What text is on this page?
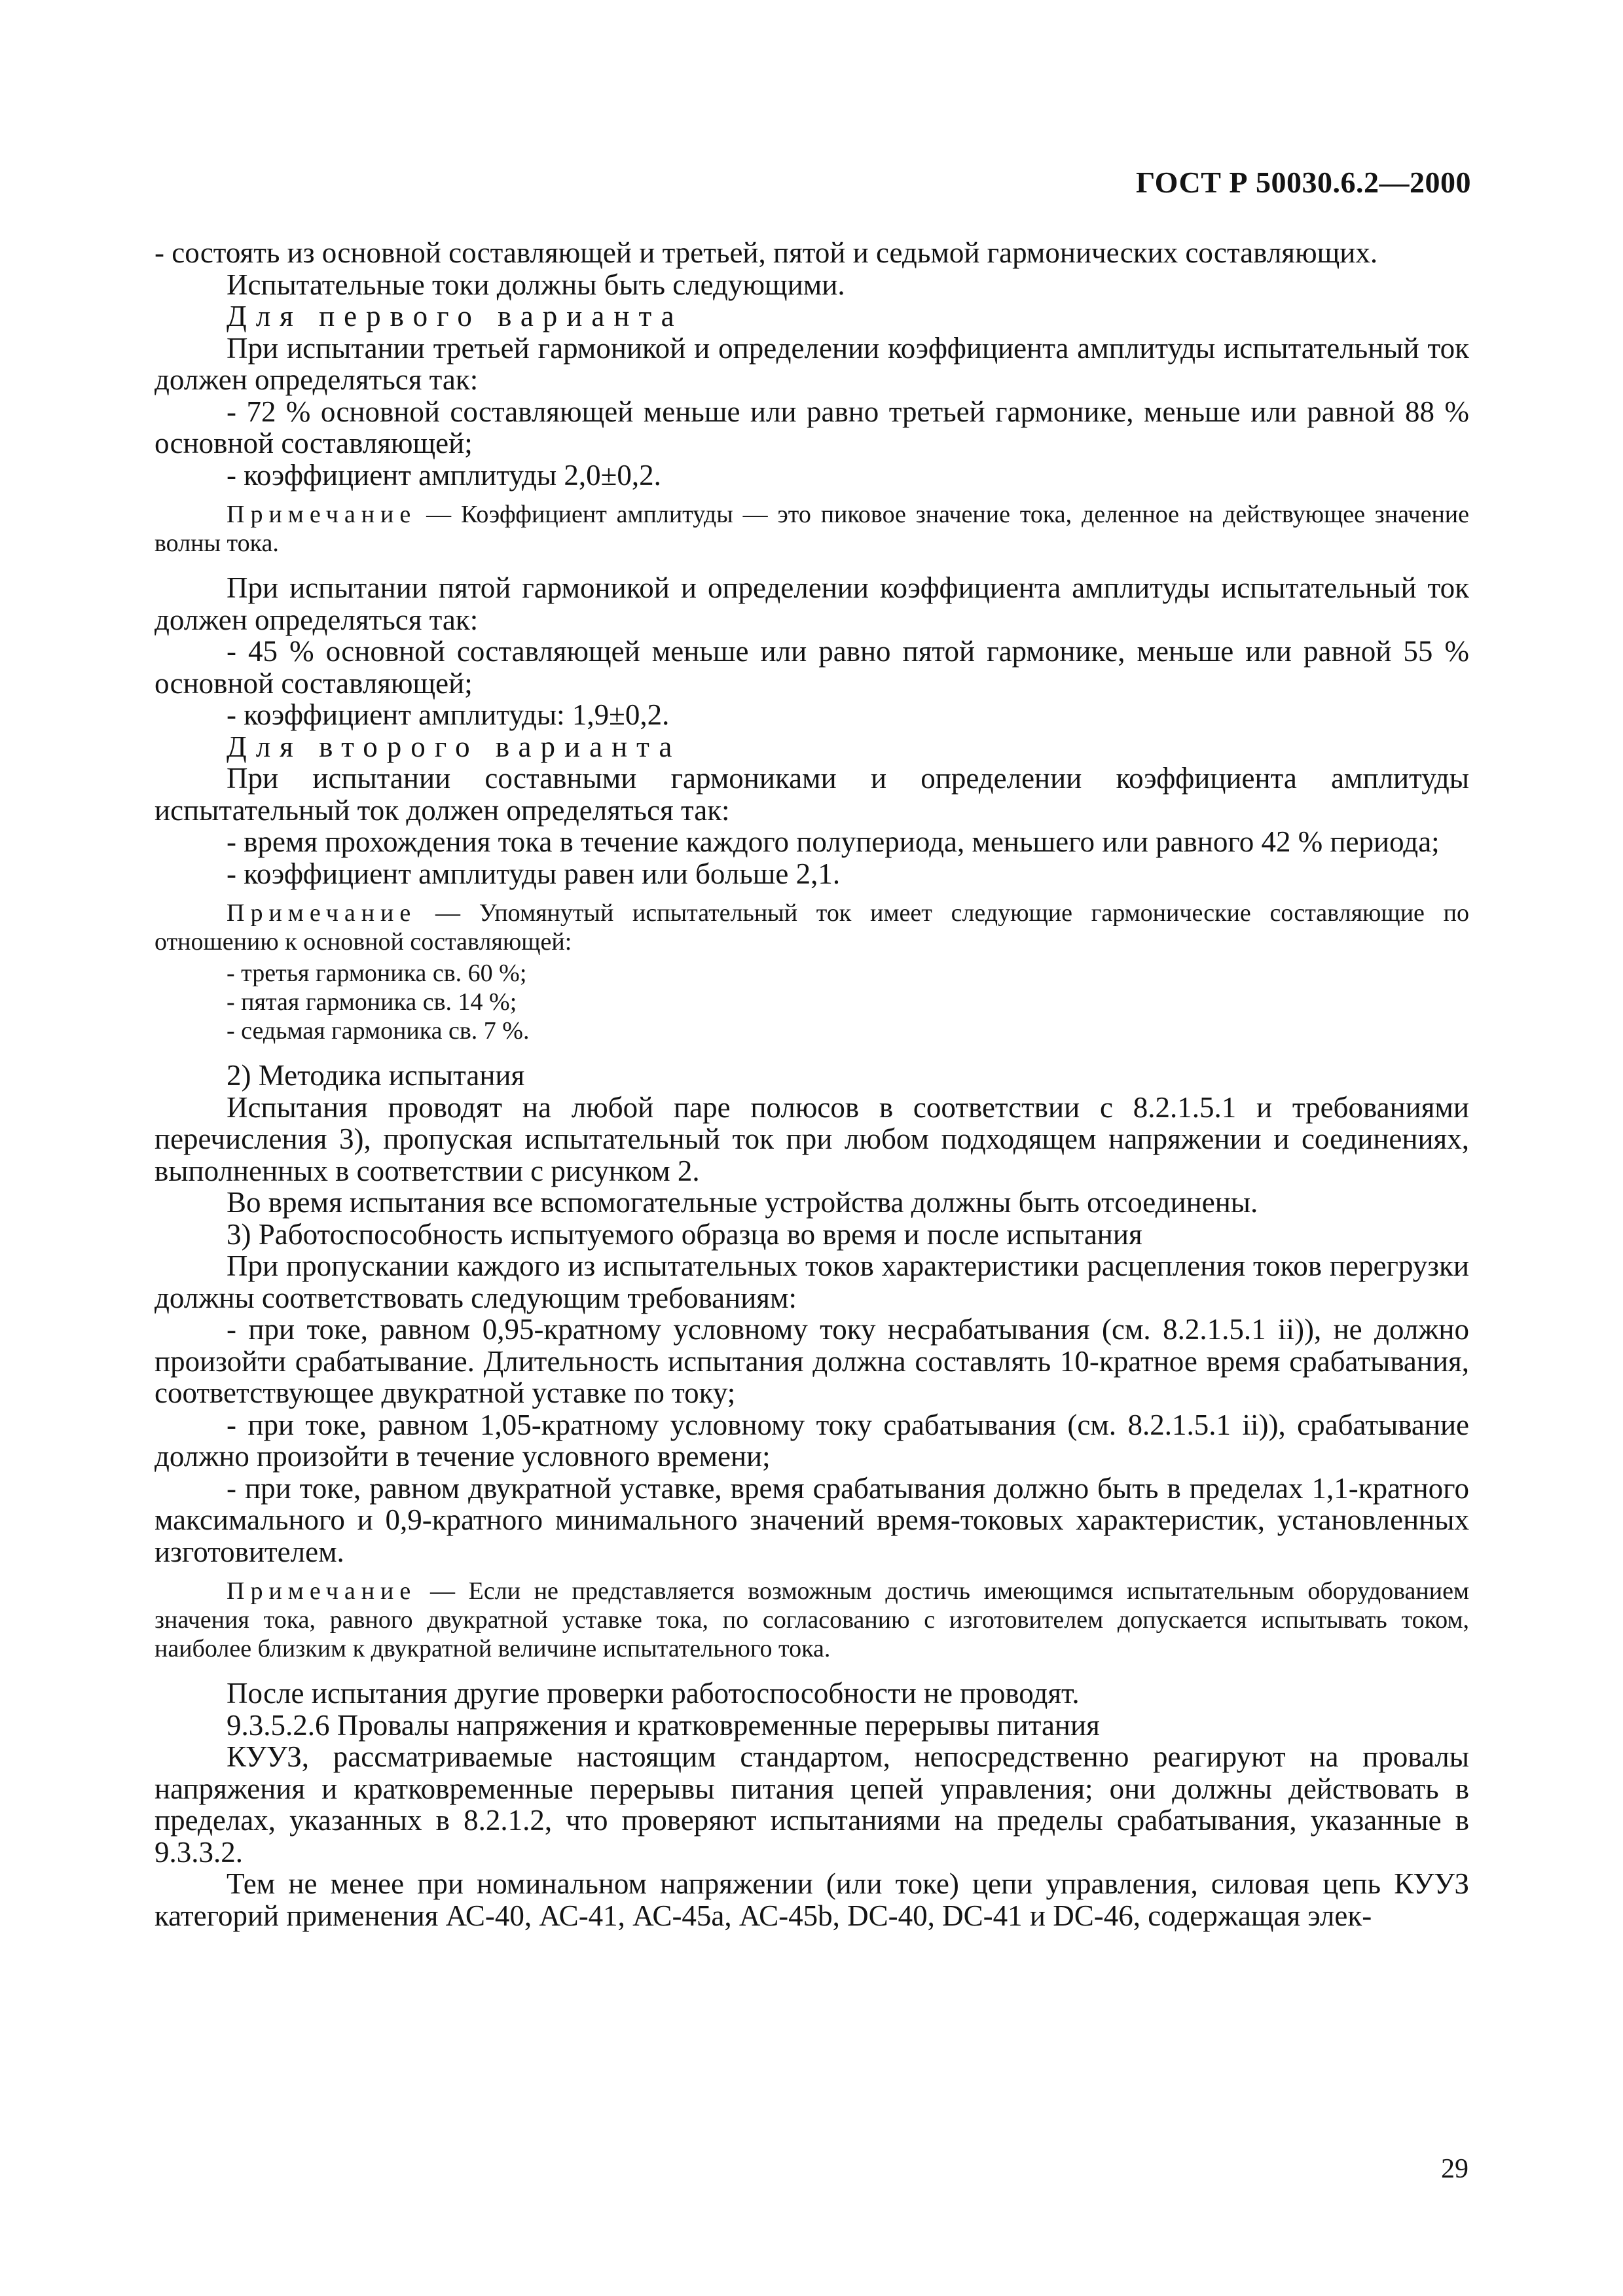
ГОСТ Р 50030.6.2—2000

- состоять из основной составляющей и третьей, пятой и седьмой гармонических составляющих.

Испытательные токи должны быть следующими.

Для первого варианта

При испытании третьей гармоникой и определении коэффициента амплитуды испытательный ток должен определяться так:

- 72 % основной составляющей меньше или равно третьей гармонике, меньше или равной 88 % основной составляющей;

- коэффициент амплитуды 2,0±0,2.

Примечание — Коэффициент амплитуды — это пиковое значение тока, деленное на действующее значение волны тока.

При испытании пятой гармоникой и определении коэффициента амплитуды испытательный ток должен определяться так:

- 45 % основной составляющей меньше или равно пятой гармонике, меньше или равной 55 % основной составляющей;

- коэффициент амплитуды: 1,9±0,2.

Для второго варианта

При испытании составными гармониками и определении коэффициента амплитуды испытательный ток должен определяться так:

- время прохождения тока в течение каждого полупериода, меньшего или равного 42 % периода;

- коэффициент амплитуды равен или больше 2,1.

Примечание — Упомянутый испытательный ток имеет следующие гармонические составляющие по отношению к основной составляющей:

- третья гармоника св. 60 %;

- пятая гармоника св. 14 %;

- седьмая гармоника св. 7 %.

2) Методика испытания

Испытания проводят на любой паре полюсов в соответствии с 8.2.1.5.1 и требованиями перечисления 3), пропуская испытательный ток при любом подходящем напряжении и соединениях, выполненных в соответствии с рисунком 2.

Во время испытания все вспомогательные устройства должны быть отсоединены.

3) Работоспособность испытуемого образца во время и после испытания

При пропускании каждого из испытательных токов характеристики расцепления токов перегрузки должны соответствовать следующим требованиям:

- при токе, равном 0,95-кратному условному току несрабатывания (см. 8.2.1.5.1 ii)), не должно произойти срабатывание. Длительность испытания должна составлять 10-кратное время срабатывания, соответствующее двукратной уставке по току;

- при токе, равном 1,05-кратному условному току срабатывания (см. 8.2.1.5.1 ii)), срабатывание должно произойти в течение условного времени;

- при токе, равном двукратной уставке, время срабатывания должно быть в пределах 1,1-кратного максимального и 0,9-кратного минимального значений время-токовых характеристик, установленных изготовителем.

Примечание — Если не представляется возможным достичь имеющимся испытательным оборудованием значения тока, равного двукратной уставке тока, по согласованию с изготовителем допускается испытывать током, наиболее близким к двукратной величине испытательного тока.

После испытания другие проверки работоспособности не проводят.

9.3.5.2.6 Провалы напряжения и кратковременные перерывы питания

КУУЗ, рассматриваемые настоящим стандартом, непосредственно реагируют на провалы напряжения и кратковременные перерывы питания цепей управления; они должны действовать в пределах, указанных в 8.2.1.2, что проверяют испытаниями на пределы срабатывания, указанные в 9.3.3.2.

Тем не менее при номинальном напряжении (или токе) цепи управления, силовая цепь КУУЗ категорий применения АС-40, АС-41, АС-45a, АС-45b, DC-40, DC-41 и DC-46, содержащая элек-

29
